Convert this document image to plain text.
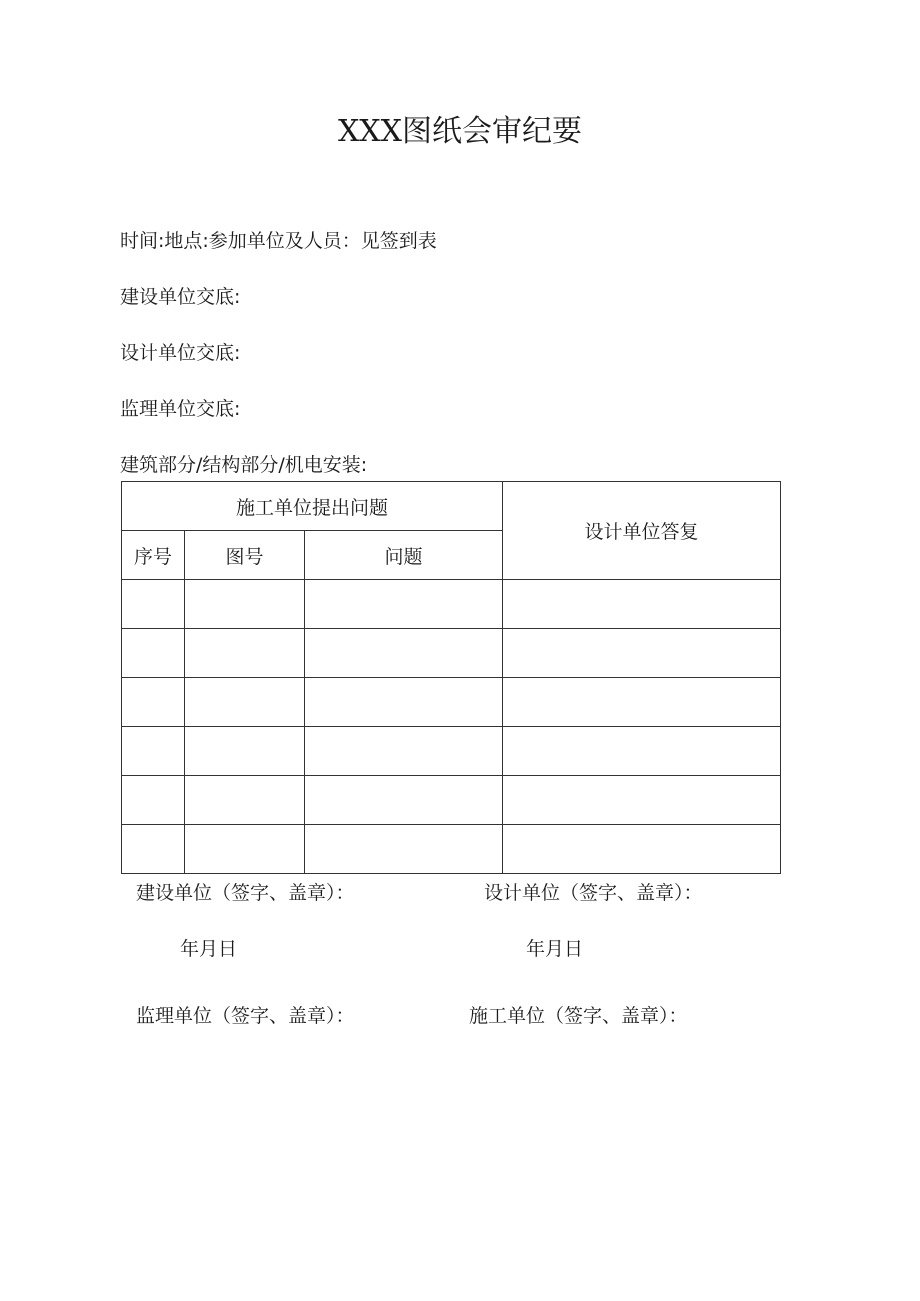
XXX图纸会审纪要
时间:地点:参加单位及人员：见签到表
建设单位交底:
设计单位交底:
监理单位交底:
建筑部分/结构部分/机电安装:
施工单位提出问题			设计单位答复
序号	图号	问题	

建设单位（签字、盖章）：	设计单位（签字、盖章）：
年月日	年月日
监理单位（签字、盖章）：	施工单位（签字、盖章）：
